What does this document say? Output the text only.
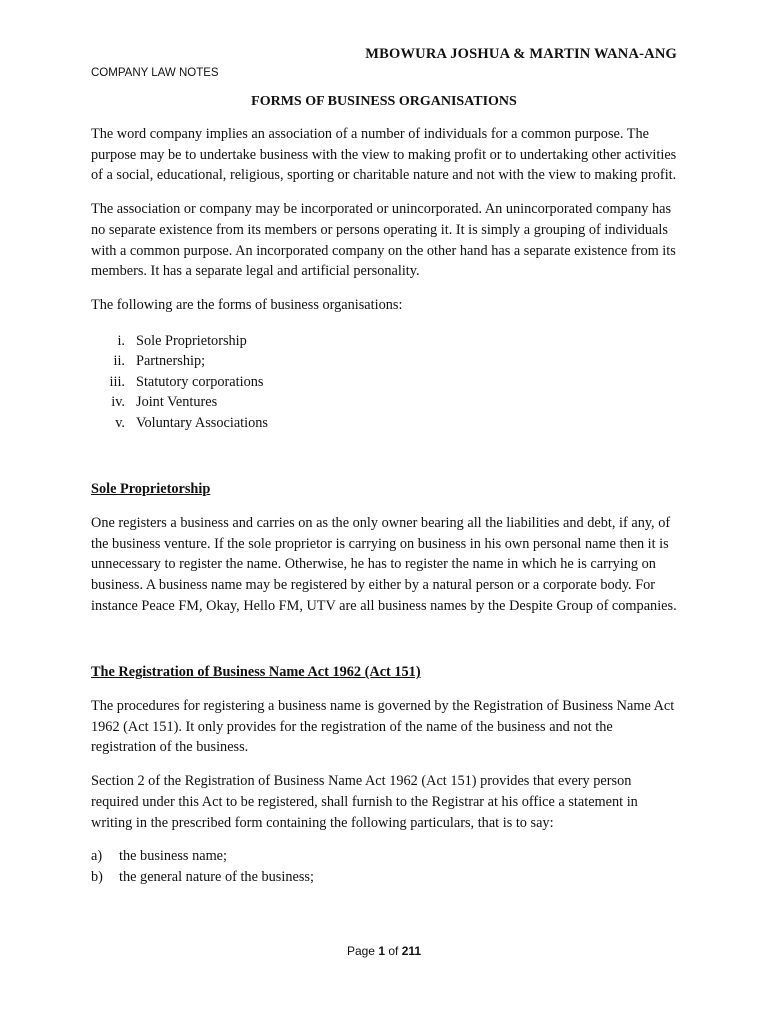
MBOWURA JOSHUA & MARTIN WANA-ANG
COMPANY LAW NOTES
FORMS OF BUSINESS ORGANISATIONS

The word company implies an association of a number of individuals for a common purpose. The purpose may be to undertake business with the view to making profit or to undertaking other activities of a social, educational, religious, sporting or charitable nature and not with the view to making profit.

The association or company may be incorporated or unincorporated. An unincorporated company has no separate existence from its members or persons operating it. It is simply a grouping of individuals with a common purpose. An incorporated company on the other hand has a separate existence from its members. It has a separate legal and artificial personality.

The following are the forms of business organisations:

i. Sole Proprietorship
ii. Partnership;
iii. Statutory corporations
iv. Joint Ventures
v. Voluntary Associations
Sole Proprietorship

One registers a business and carries on as the only owner bearing all the liabilities and debt, if any, of the business venture. If the sole proprietor is carrying on business in his own personal name then it is unnecessary to register the name. Otherwise, he has to register the name in which he is carrying on business. A business name may be registered by either by a natural person or a corporate body. For instance Peace FM, Okay, Hello FM, UTV are all business names by the Despite Group of companies.

The Registration of Business Name Act 1962 (Act 151)

The procedures for registering a business name is governed by the Registration of Business Name Act 1962 (Act 151). It only provides for the registration of the name of the business and not the registration of the business.

Section 2 of the Registration of Business Name Act 1962 (Act 151) provides that every person required under this Act to be registered, shall furnish to the Registrar at his office a statement in writing in the prescribed form containing the following particulars, that is to say:

a)	the business name;
b)	the general nature of the business;
Page 1 of 211
